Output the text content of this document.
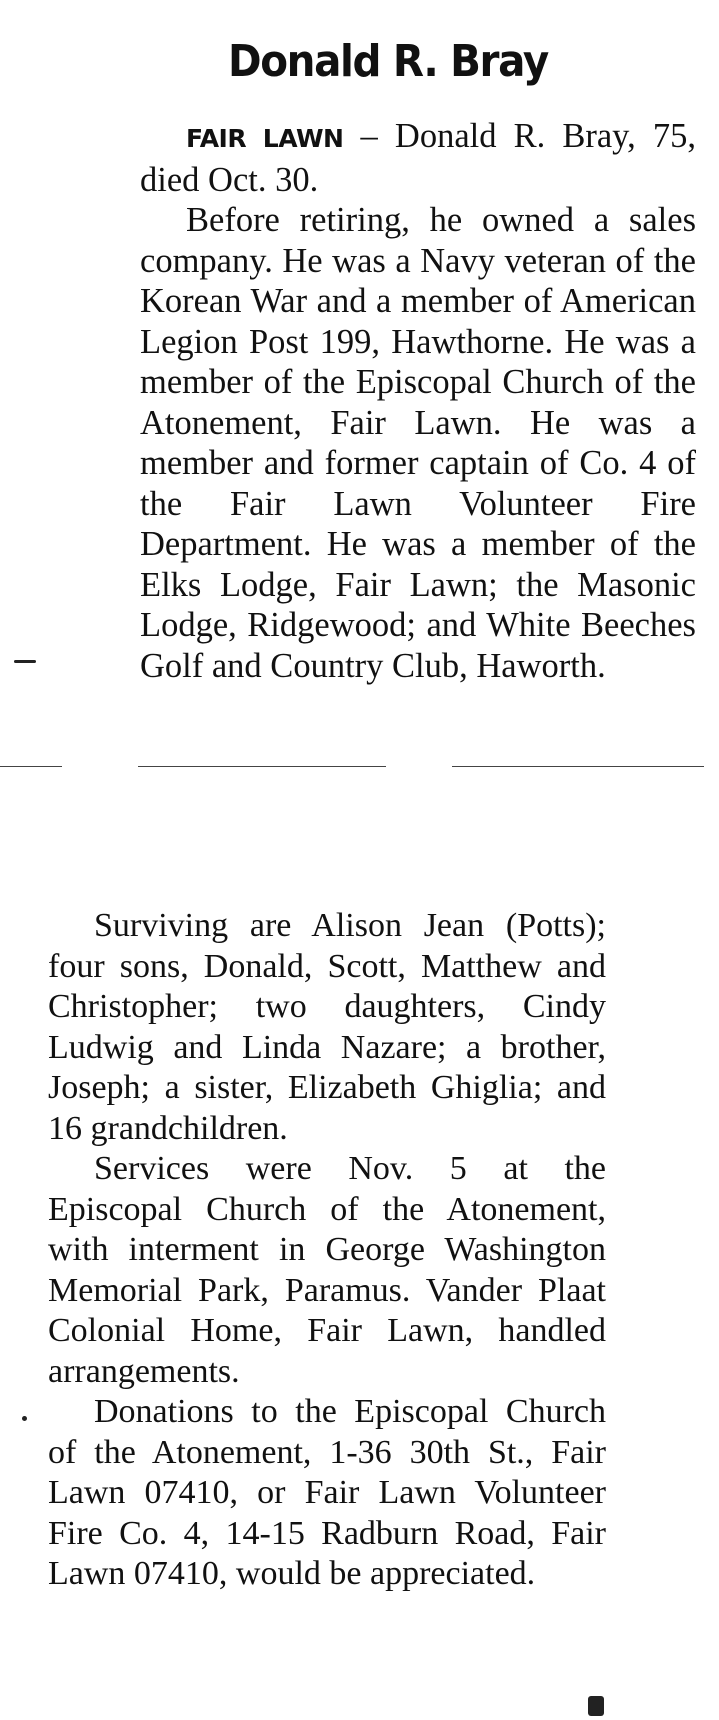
Donald R. Bray

FAIR LAWN – Donald R. Bray, 75, died Oct. 30.

Before retiring, he owned a sales company. He was a Navy veteran of the Korean War and a member of American Legion Post 199, Hawthorne. He was a member of the Episcopal Church of the Atonement, Fair Lawn. He was a member and former captain of Co. 4 of the Fair Lawn Volunteer Fire Department. He was a member of the Elks Lodge, Fair Lawn; the Masonic Lodge, Ridgewood; and White Beeches Golf and Country Club, Haworth.

Surviving are Alison Jean (Potts); four sons, Donald, Scott, Matthew and Christopher; two daughters, Cindy Ludwig and Linda Nazare; a brother, Joseph; a sister, Elizabeth Ghiglia; and 16 grandchildren.

Services were Nov. 5 at the Episcopal Church of the Atonement, with interment in George Washington Memorial Park, Paramus. Vander Plaat Colonial Home, Fair Lawn, handled arrangements.

Donations to the Episcopal Church of the Atonement, 1-36 30th St., Fair Lawn 07410, or Fair Lawn Volunteer Fire Co. 4, 14-15 Radburn Road, Fair Lawn 07410, would be appreciated.
